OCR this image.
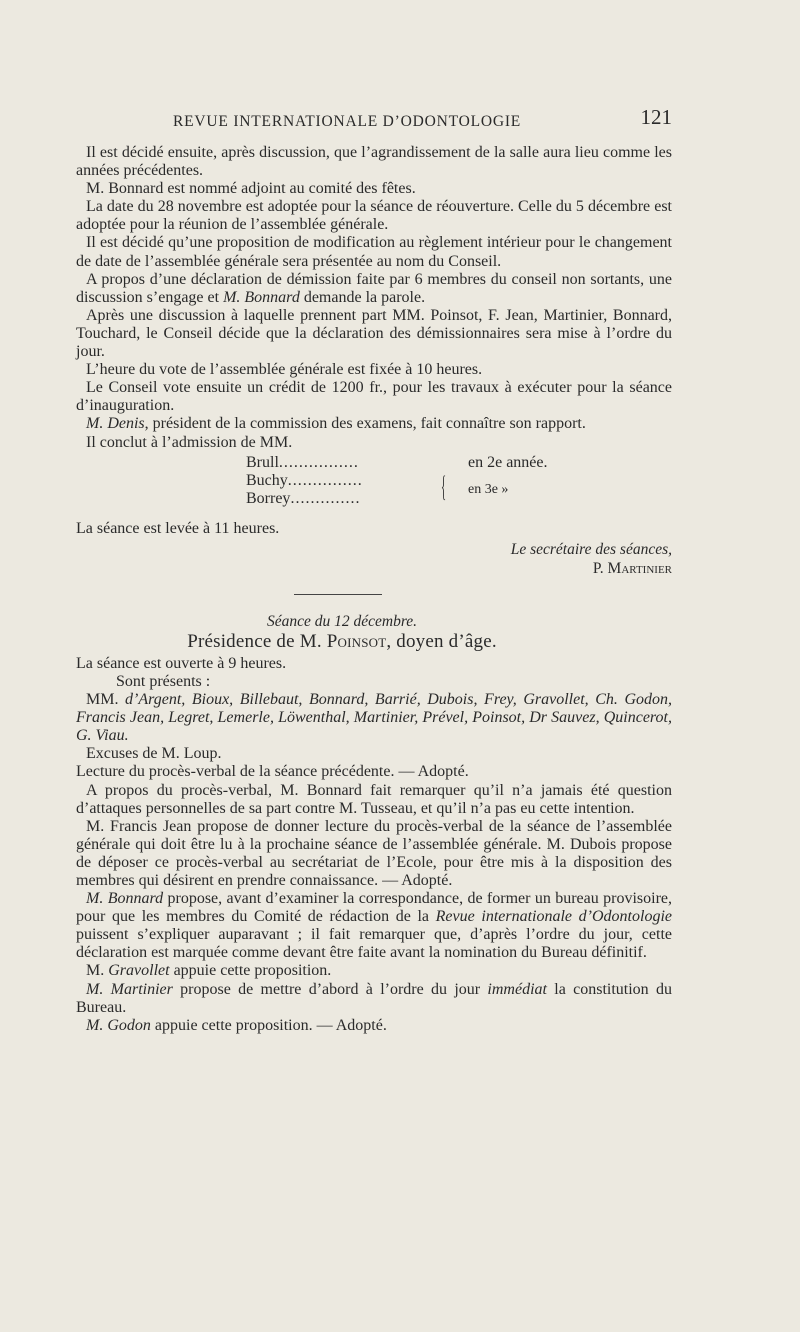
REVUE INTERNATIONALE D’ODONTOLOGIE	121

Il est décidé ensuite, après discussion, que l’agrandissement de la salle aura lieu comme les années précédentes.

M. Bonnard est nommé adjoint au comité des fêtes.

La date du 28 novembre est adoptée pour la séance de réouverture. Celle du 5 décembre est adoptée pour la réunion de l’assemblée générale.

Il est décidé qu’une proposition de modification au règlement intérieur pour le changement de date de l’assemblée générale sera présentée au nom du Conseil.

A propos d’une déclaration de démission faite par 6 membres du conseil non sortants, une discussion s’engage et M. Bonnard demande la parole.

Après une discussion à laquelle prennent part MM. Poinsot, F. Jean, Martinier, Bonnard, Touchard, le Conseil décide que la déclaration des démissionnaires sera mise à l’ordre du jour.

L’heure du vote de l’assemblée générale est fixée à 10 heures.

Le Conseil vote ensuite un crédit de 1200 fr., pour les travaux à exécuter pour la séance d’inauguration.

M. Denis, président de la commission des examens, fait connaître son rapport.

Il conclut à l’admission de MM.

Brull................	en 2e année.
Buchy...............
Borrey..............	{ en 3e »

La séance est levée à 11 heures.

Le secrétaire des séances,
P. Martinier

Séance du 12 décembre.

Présidence de M. Poinsot, doyen d’âge.

La séance est ouverte à 9 heures.

Sont présents :

MM. d’Argent, Bioux, Billebaut, Bonnard, Barrié, Dubois, Frey, Gravollet, Ch. Godon, Francis Jean, Legret, Lemerle, Löwenthal, Martinier, Prével, Poinsot, Dr Sauvez, Quincerot, G. Viau.

Excuses de M. Loup.

Lecture du procès-verbal de la séance précédente. — Adopté.

A propos du procès-verbal, M. Bonnard fait remarquer qu’il n’a jamais été question d’attaques personnelles de sa part contre M. Tusseau, et qu’il n’a pas eu cette intention.

M. Francis Jean propose de donner lecture du procès-verbal de la séance de l’assemblée générale qui doit être lu à la prochaine séance de l’assemblée générale. M. Dubois propose de déposer ce procès-verbal au secrétariat de l’Ecole, pour être mis à la disposition des membres qui désirent en prendre connaissance. — Adopté.

M. Bonnard propose, avant d’examiner la correspondance, de former un bureau provisoire, pour que les membres du Comité de rédaction de la Revue internationale d’Odontologie puissent s’expliquer auparavant ; il fait remarquer que, d’après l’ordre du jour, cette déclaration est marquée comme devant être faite avant la nomination du Bureau définitif.

M. Gravollet appuie cette proposition.

M. Martinier propose de mettre d’abord à l’ordre du jour immédiat la constitution du Bureau.

M. Godon appuie cette proposition. — Adopté.
